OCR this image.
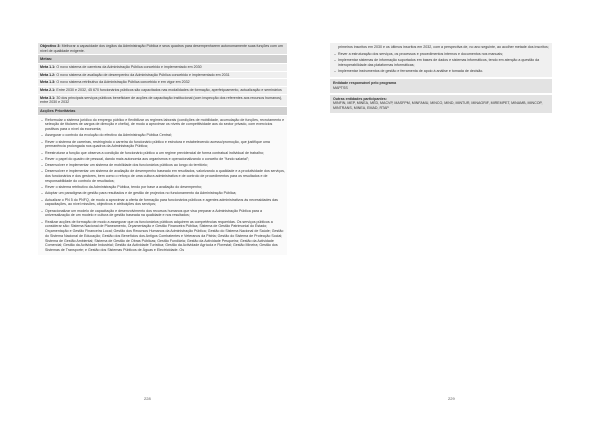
Objectivo 3: Melhorar a capacidade dos órgãos da Administração Pública e seus quadros para desempenharem autonomamente suas funções com um nível de qualidade exigente.
Metas:
Meta 1.1: O novo sistema de carreiras da Administração Pública concebido e implementado em 2030
Meta 1.2: O novo sistema de avaliação de desempenho da Administração Pública concebido e implementado em 2031
Meta 1.3: O novo sistema retributivo da Administração Pública concebido e em vigor em 2032
Meta 2.1: Entre 2030 e 2032, 45 670 funcionários públicos são capacitados nas modalidades de formação, aperfeiçoamento, actualização e seminários
Meta 3.1: 30 dos principais serviços públicos beneficiam de acções de capacitação institucional (com inspecção dos referentes aos recursos humanos), entre 2030 e 2032
Acções Prioritárias
– Reformular o sistema jurídico do emprego público e flexibilizar os regimes laborais (condições de mobilidade, acumulação de funções, recrutamento e selecção de titulares de cargos de direcção e chefia), de modo a aproximar os níveis de competitividade aos do sector privado, com exercícios positivos para o nível da economia;
– Assegurar o controlo da evolução do efectivo da Administração Pública Central;
– Rever o sistema de carreiras, restringindo o carreira do funcionário público e estrutura e estabelecendo acesso/promoção, que justifique uma permanência prolongada nos quadros da Administração Pública;
– Reestruturar a função que observa a condição de funcionário público a um regime previdencial de forma contratual individual de trabalho;
– Rever o papel do quadro de pessoal, dando mais autonomia aos organismos e operacionalizando o conceito de "fundo salarial";
– Desenvolver e implementar um sistema de mobilidade dos funcionários públicos ao longo do território;
– Desenvolver e implementar um sistema de avaliação de desempenho baseado em resultados, valorizando a qualidade e a produtividade dos serviços, dos funcionários e dos gestores, bem como o reforço de uma cultura administrativa e de controlo de procedimentos para os resultados e de responsabilidade do controlo de resultados;
– Rever o sistema retributivo da Administração Pública, tendo por base a avaliação do desempenho;
– Adoptar um paradigma de gestão para resultados e de gestão de projectos no funcionamento da Administração Pública;
– Actualizar o PN 5 do PNFQ, de modo a aproximar a oferta de formação para funcionários públicos e agentes administrativos às necessidades das capacitações, ao nível missões, objectivos e atribuições dos serviços;
– Operacionalizar um modelo de capacitação e desenvolvimento dos recursos humanos que visa preparar a Administração Pública para a universalização de um modelo e cultura de gestão baseada na qualidade e nos resultados;
– Realizar acções de formação de modo a assegurar que os funcionários públicos adquirem as competências requeridas. Os serviços públicos a considerar são: Sistema Nacional de Planeamento, Orçamentação e Gestão Financeira Pública; Sistema de Gestão Patrimonial do Estado; Orçamentação e Gestão Financeira Local; Gestão dos Recursos Humanos da Administração Pública; Gestão do Sistema Nacional de Saúde; Gestão do Sistema Nacional de Educação; Gestão dos Benefícios dos Antigos Combatentes e Veteranos da Pátria; Gestão do Sistema de Protecção Social; Sistema de Gestão Ambiental; Sistema de Gestão de Obras Públicas; Gestão Fundiária; Gestão da Actividade Pesqueira; Gestão da Actividade Comercial; Gestão da Actividade Industrial; Gestão da Actividade Turística; Gestão da Actividade Agrícola e Florestal; Gestão Mineira; Gestão dos Sistemas de Transporte; e Gestão dos Sistemas Públicos de Águas e Electricidade. Os
228
primeiros inscritos em 2030 e os últimos inscritos em 2032, com a perspectiva de, no ano seguinte, ao acolher metade dos inscritos;
– Rever a estruturação dos serviços, os processos e procedimentos internos e documentos nos manuais;
– Implementar sistemas de informação suportados em bases de dados e sistemas informáticos, tendo em atenção a questão da interoperabilidade das plataformas informáticas;
– Implementar instrumentos de gestão e ferramenta de apoio à análise e tomada de decisão.
Entidade responsável pelo programa
MAPTSS
Outras entidades participantes:
MINFIN, MEP, MINEA, MED, MACVP, MASFPM, MINFAMU, MINCO, MIND, MINTUR, MINAGRIF, MIREMPET, MINAMB, MINCOP, MINTRANS, MINEA, EMAD, RTAP
229
